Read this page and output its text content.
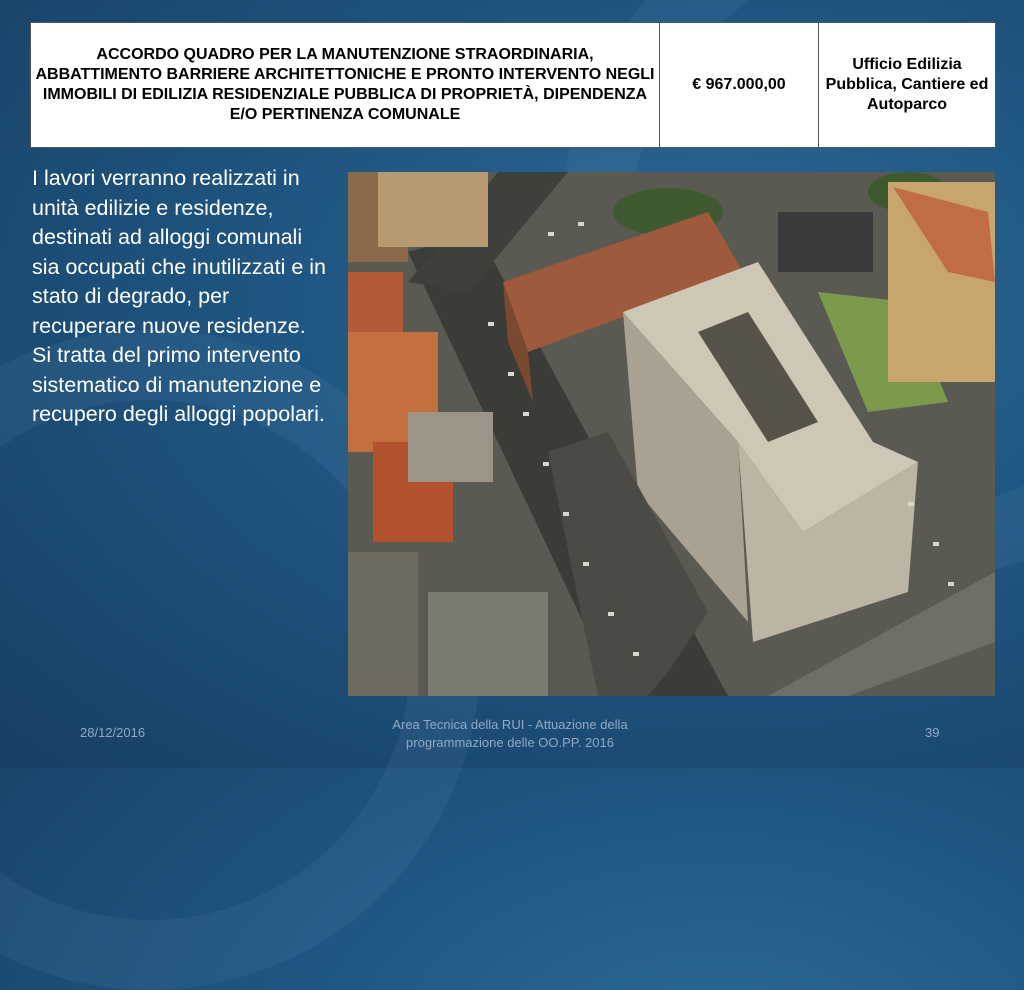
ACCORDO QUADRO PER LA MANUTENZIONE STRAORDINARIA, ABBATTIMENTO BARRIERE ARCHITETTONICHE E PRONTO INTERVENTO NEGLI IMMOBILI DI EDILIZIA RESIDENZIALE PUBBLICA DI PROPRIETÀ, DIPENDENZA E/O PERTINENZA COMUNALE	€ 967.000,00	Ufficio Edilizia Pubblica, Cantiere ed Autoparco

I lavori verranno realizzati in unità edilizie e residenze, destinati ad alloggi comunali sia occupati che inutilizzati e in stato di degrado, per recuperare nuove residenze.

Si tratta del primo intervento sistematico di manutenzione e recupero degli alloggi popolari.

28/12/2016
Area Tecnica della RUI - Attuazione della programmazione delle OO.PP. 2016
39
